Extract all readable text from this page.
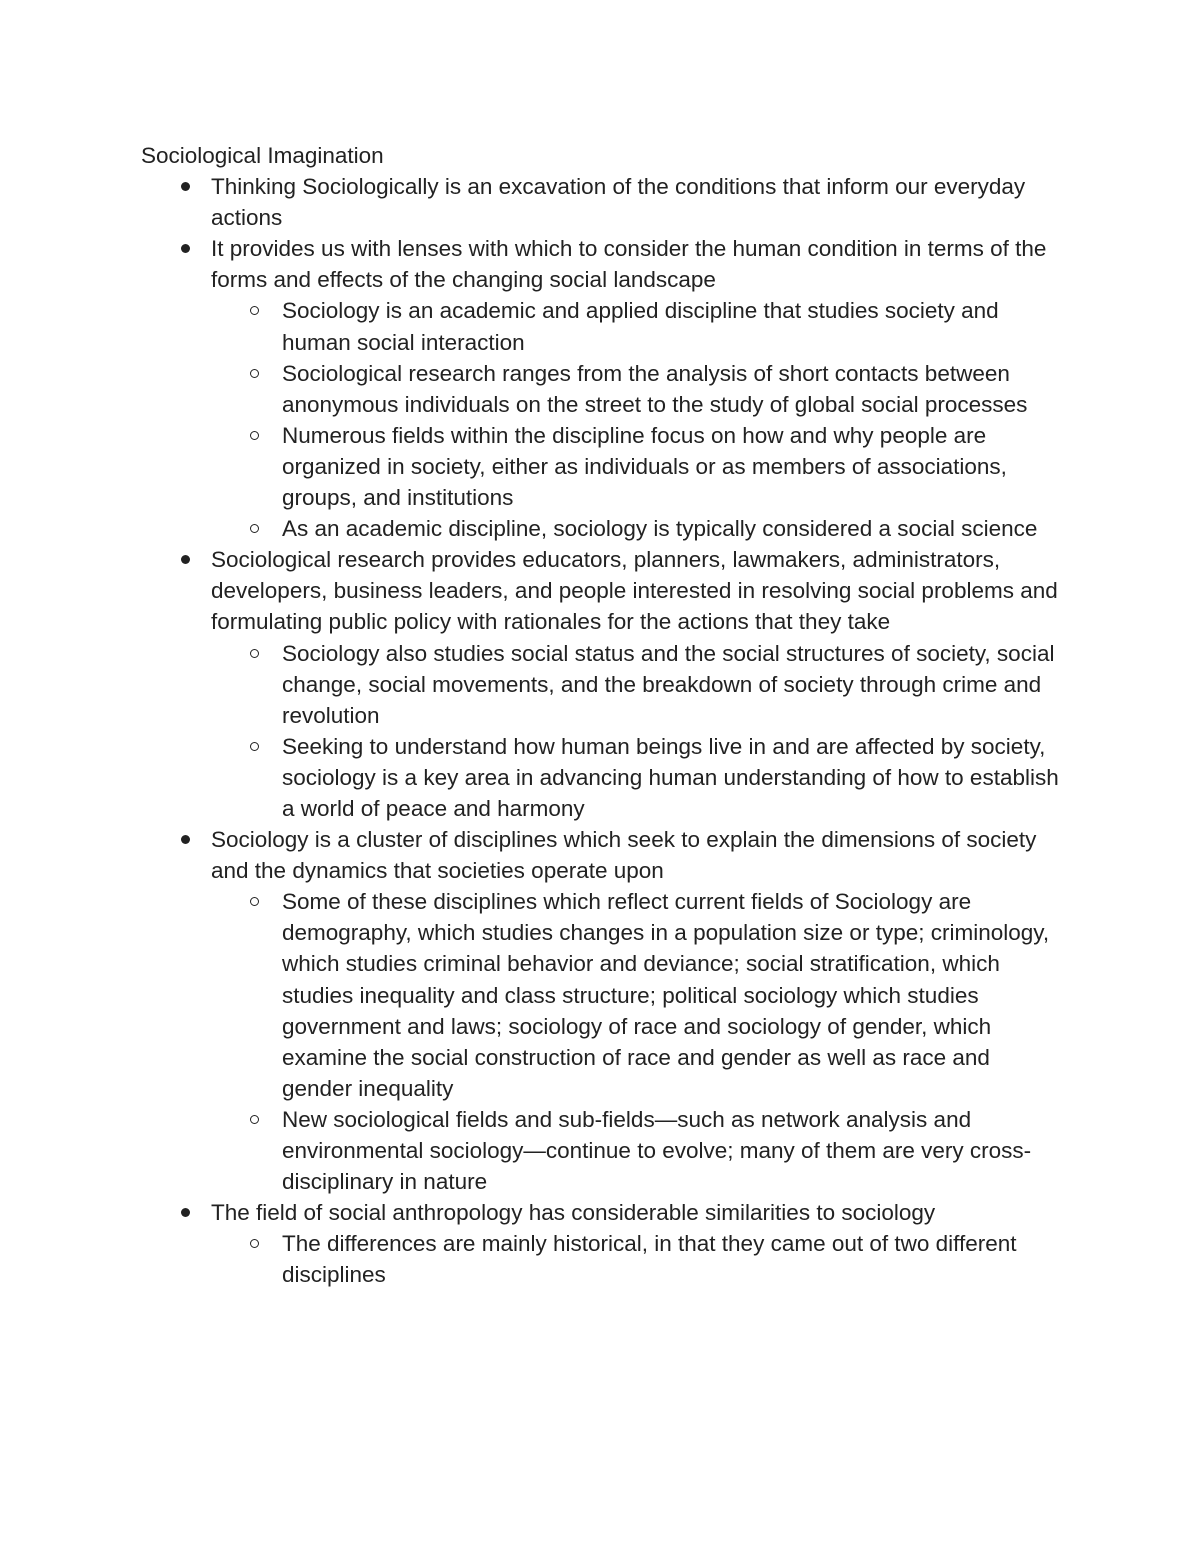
Sociological Imagination
Thinking Sociologically is an excavation of the conditions that inform our everyday actions
It provides us with lenses with which to consider the human condition in terms of the forms and effects of the changing social landscape
Sociology is an academic and applied discipline that studies society and human social interaction
Sociological research ranges from the analysis of short contacts between anonymous individuals on the street to the study of global social processes
Numerous fields within the discipline focus on how and why people are organized in society, either as individuals or as members of associations, groups, and institutions
As an academic discipline, sociology is typically considered a social science
Sociological research provides educators, planners, lawmakers, administrators, developers, business leaders, and people interested in resolving social problems and formulating public policy with rationales for the actions that they take
Sociology also studies social status and the social structures of society, social change, social movements, and the breakdown of society through crime and revolution
Seeking to understand how human beings live in and are affected by society, sociology is a key area in advancing human understanding of how to establish a world of peace and harmony
Sociology is a cluster of disciplines which seek to explain the dimensions of society and the dynamics that societies operate upon
Some of these disciplines which reflect current fields of Sociology are demography, which studies changes in a population size or type; criminology, which studies criminal behavior and deviance; social stratification, which studies inequality and class structure; political sociology which studies government and laws; sociology of race and sociology of gender, which examine the social construction of race and gender as well as race and gender inequality
New sociological fields and sub-fields—such as network analysis and environmental sociology—continue to evolve; many of them are very cross-disciplinary in nature
The field of social anthropology has considerable similarities to sociology
The differences are mainly historical, in that they came out of two different disciplines
